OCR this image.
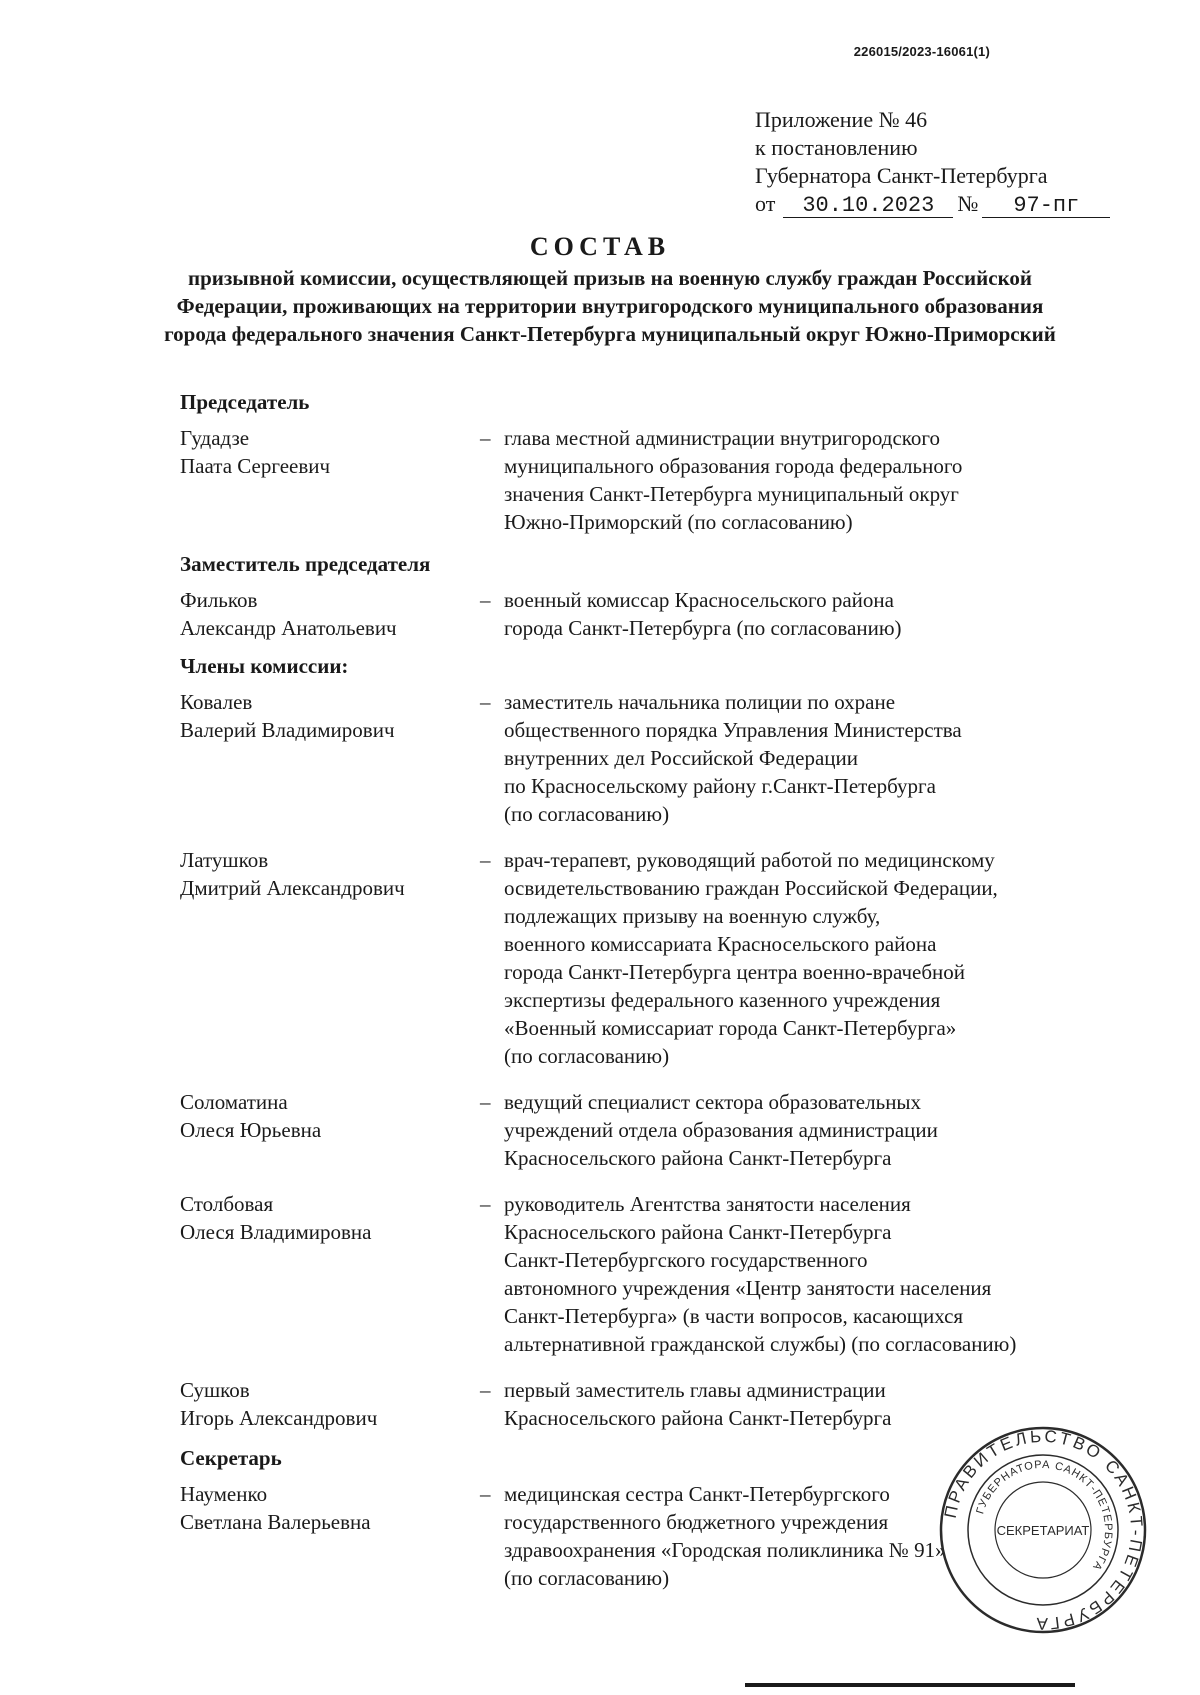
226015/2023-16061(1)
Приложение № 46
к постановлению
Губернатора Санкт-Петербурга
от	30.10.2023	№	97-пг
СОСТАВ
призывной комиссии, осуществляющей призыв на военную службу граждан Российской Федерации, проживающих на территории внутригородского муниципального образования города федерального значения Санкт-Петербурга муниципальный округ Южно-Приморский
Председатель
Гудадзе
Паата Сергеевич
– глава местной администрации внутригородского
муниципального образования города федерального
значения Санкт-Петербурга муниципальный округ
Южно-Приморский (по согласованию)
Заместитель председателя
Фильков
Александр Анатольевич
– военный комиссар Красносельского района
города Санкт-Петербурга (по согласованию)
Члены комиссии:
Ковалев
Валерий Владимирович
– заместитель начальника полиции по охране
общественного порядка Управления Министерства
внутренних дел Российской Федерации
по Красносельскому району г.Санкт-Петербурга
(по согласованию)
Латушков
Дмитрий Александрович
– врач-терапевт, руководящий работой по медицинскому
освидетельствованию граждан Российской Федерации,
подлежащих призыву на военную службу,
военного комиссариата Красносельского района
города Санкт-Петербурга центра военно-врачебной
экспертизы федерального казенного учреждения
«Военный комиссариат города Санкт-Петербурга»
(по согласованию)
Соломатина
Олеся Юрьевна
– ведущий специалист сектора образовательных
учреждений отдела образования администрации
Красносельского района Санкт-Петербурга
Столбовая
Олеся Владимировна
– руководитель Агентства занятости населения
Красносельского района Санкт-Петербурга
Санкт-Петербургского государственного
автономного учреждения «Центр занятости населения
Санкт-Петербурга» (в части вопросов, касающихся
альтернативной гражданской службы) (по согласованию)
Сушков
Игорь Александрович
– первый заместитель главы администрации
Красносельского района Санкт-Петербурга
Секретарь
Науменко
Светлана Валерьевна
– медицинская сестра Санкт-Петербургского
государственного бюджетного учреждения
здравоохранения «Городская поликлиника № 91»
(по согласованию)
ПРАВИТЕЛЬСТВО САНКТ-ПЕТЕРБУРГА
ГУБЕРНАТОРА САНКТ-ПЕТЕРБУРГА
СЕКРЕТАРИАТ
